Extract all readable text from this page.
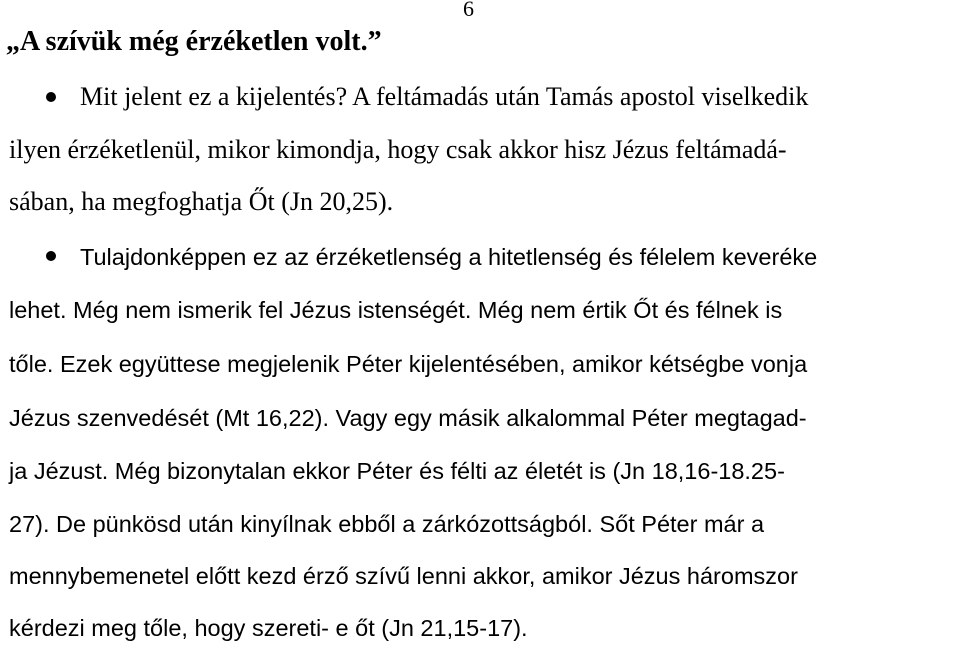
6
„A szívük még érzéketlen volt.”
Mit jelent ez a kijelentés? A feltámadás után Tamás apostol viselkedik
ilyen érzéketlenül, mikor kimondja, hogy csak akkor hisz Jézus feltámadá-
sában, ha megfoghatja Őt (Jn 20,25).
Tulajdonképpen ez az érzéketlenség a hitetlenség és félelem keveréke
lehet. Még nem ismerik fel Jézus istenségét. Még nem értik Őt és félnek is
tőle. Ezek együttese megjelenik Péter kijelentésében, amikor kétségbe vonja
Jézus szenvedését (Mt 16,22). Vagy egy másik alkalommal Péter megtagad-
ja Jézust. Még bizonytalan ekkor Péter és félti az életét is (Jn 18,16-18.25-
27). De pünkösd után kinyílnak ebből a zárkózottságból. Sőt Péter már a
mennybemenetel előtt kezd érző szívű lenni akkor, amikor Jézus háromszor
kérdezi meg tőle, hogy szereti- e őt (Jn 21,15-17).
